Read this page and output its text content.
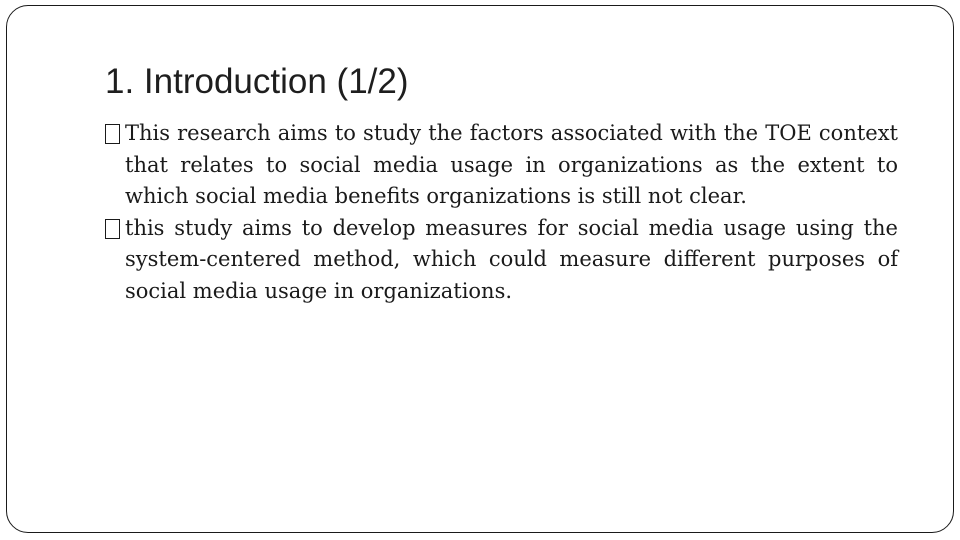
1. Introduction (1/2)
This research aims to study the factors associated with the TOE context that relates to social media usage in organizations as the extent to which social media benefits organizations is still not clear.
this study aims to develop measures for social media usage using the system-centered method, which could measure different purposes of social media usage in organizations.
